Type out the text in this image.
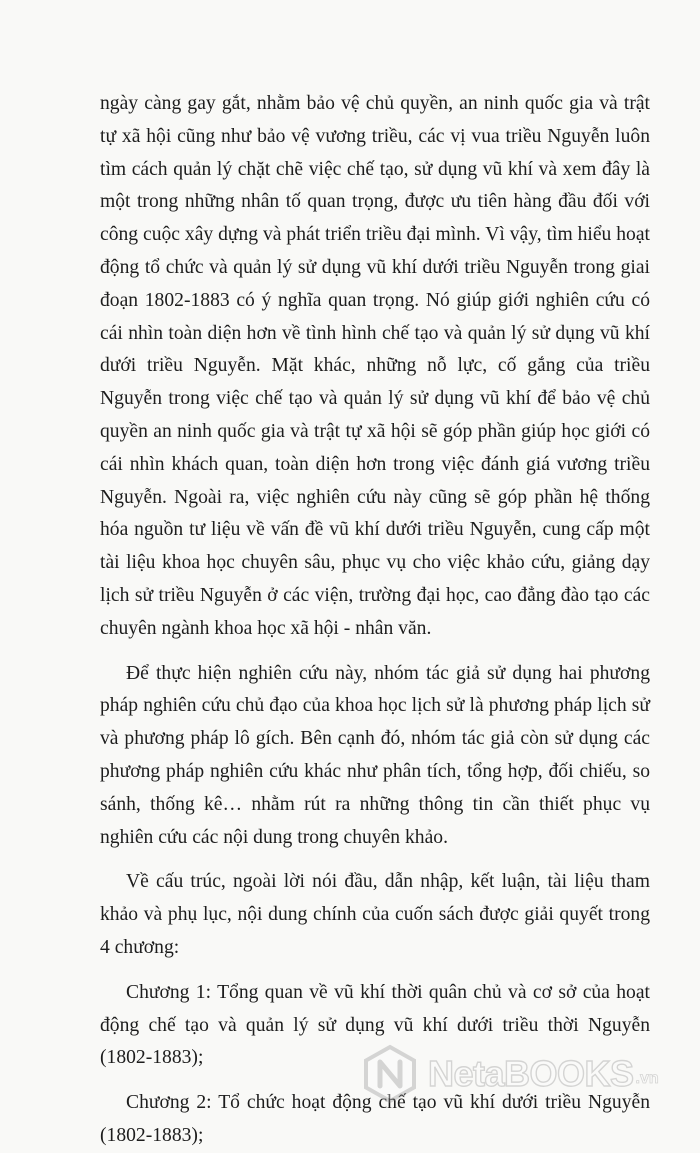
ngày càng gay gắt, nhằm bảo vệ chủ quyền, an ninh quốc gia và trật tự xã hội cũng như bảo vệ vương triều, các vị vua triều Nguyễn luôn tìm cách quản lý chặt chẽ việc chế tạo, sử dụng vũ khí và xem đây là một trong những nhân tố quan trọng, được ưu tiên hàng đầu đối với công cuộc xây dựng và phát triển triều đại mình. Vì vậy, tìm hiểu hoạt động tổ chức và quản lý sử dụng vũ khí dưới triều Nguyễn trong giai đoạn 1802-1883 có ý nghĩa quan trọng. Nó giúp giới nghiên cứu có cái nhìn toàn diện hơn về tình hình chế tạo và quản lý sử dụng vũ khí dưới triều Nguyễn. Mặt khác, những nỗ lực, cố gắng của triều Nguyễn trong việc chế tạo và quản lý sử dụng vũ khí để bảo vệ chủ quyền an ninh quốc gia và trật tự xã hội sẽ góp phần giúp học giới có cái nhìn khách quan, toàn diện hơn trong việc đánh giá vương triều Nguyễn. Ngoài ra, việc nghiên cứu này cũng sẽ góp phần hệ thống hóa nguồn tư liệu về vấn đề vũ khí dưới triều Nguyễn, cung cấp một tài liệu khoa học chuyên sâu, phục vụ cho việc khảo cứu, giảng dạy lịch sử triều Nguyễn ở các viện, trường đại học, cao đẳng đào tạo các chuyên ngành khoa học xã hội - nhân văn.

Để thực hiện nghiên cứu này, nhóm tác giả sử dụng hai phương pháp nghiên cứu chủ đạo của khoa học lịch sử là phương pháp lịch sử và phương pháp lô gích. Bên cạnh đó, nhóm tác giả còn sử dụng các phương pháp nghiên cứu khác như phân tích, tổng hợp, đối chiếu, so sánh, thống kê… nhằm rút ra những thông tin cần thiết phục vụ nghiên cứu các nội dung trong chuyên khảo.

Về cấu trúc, ngoài lời nói đầu, dẫn nhập, kết luận, tài liệu tham khảo và phụ lục, nội dung chính của cuốn sách được giải quyết trong 4 chương:

Chương 1: Tổng quan về vũ khí thời quân chủ và cơ sở của hoạt động chế tạo và quản lý sử dụng vũ khí dưới triều thời Nguyễn (1802-1883);

Chương 2: Tổ chức hoạt động chế tạo vũ khí dưới triều Nguyễn (1802-1883);

NetaBOOKS .vn
